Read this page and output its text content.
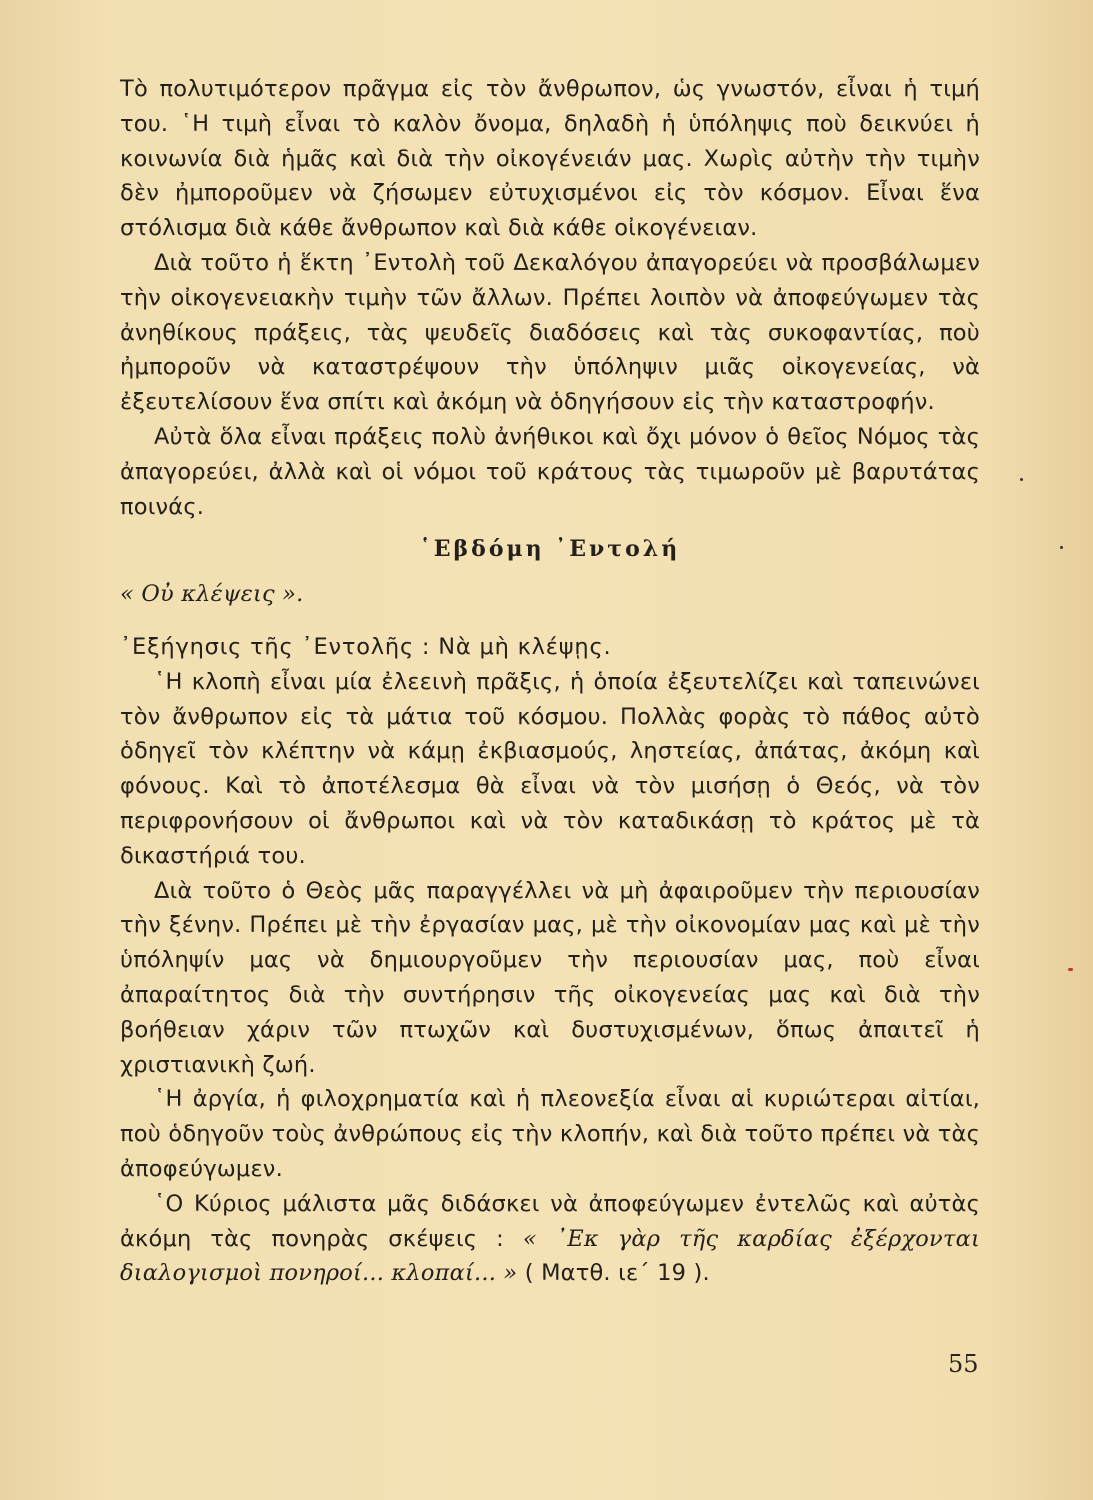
Τὸ πολυτιμότερον πρᾶγμα εἰς τὸν ἄνθρωπον, ὡς γνωστόν, εἶναι ἡ τιμή του. ῾Η τιμὴ εἶναι τὸ καλὸν ὄνομα, δηλαδὴ ἡ ὑπόληψις ποὺ δεικνύει ἡ κοινωνία διὰ ἡμᾶς καὶ διὰ τὴν οἰκογένειάν μας. Χωρὶς αὐτὴν τὴν τιμὴν δὲν ἠμποροῦμεν νὰ ζήσωμεν εὐτυχισμένοι εἰς τὸν κόσμον. Εἶναι ἕνα στόλισμα διὰ κάθε ἄνθρωπον καὶ διὰ κάθε οἰκογένειαν.

Διὰ τοῦτο ἡ ἕκτη ᾿Εντολὴ τοῦ Δεκαλόγου ἀπαγορεύει νὰ προσβάλωμεν τὴν οἰκογενειακὴν τιμὴν τῶν ἄλλων. Πρέπει λοιπὸν νὰ ἀποφεύγωμεν τὰς ἀνηθίκους πράξεις, τὰς ψευδεῖς διαδόσεις καὶ τὰς συκοφαντίας, ποὺ ἠμποροῦν νὰ καταστρέψουν τὴν ὑπόληψιν μιᾶς οἰκογενείας, νὰ ἐξευτελίσουν ἕνα σπίτι καὶ ἀκόμη νὰ ὁδηγήσουν εἰς τὴν καταστροφήν.

Αὐτὰ ὅλα εἶναι πράξεις πολὺ ἀνήθικοι καὶ ὄχι μόνον ὁ θεῖος Νόμος τὰς ἀπαγορεύει, ἀλλὰ καὶ οἱ νόμοι τοῦ κράτους τὰς τιμωροῦν μὲ βαρυτάτας ποινάς.

῾Εβδόμη ᾿Εντολή
« Οὐ κλέψεις ».

᾿Εξήγησις τῆς ᾿Εντολῆς : Νὰ μὴ κλέψῃς.

῾Η κλοπὴ εἶναι μία ἐλεεινὴ πρᾶξις, ἡ ὁποία ἐξευτελίζει καὶ ταπεινώνει τὸν ἄνθρωπον εἰς τὰ μάτια τοῦ κόσμου. Πολλὰς φορὰς τὸ πάθος αὐτὸ ὁδηγεῖ τὸν κλέπτην νὰ κάμῃ ἐκβιασμούς, ληστείας, ἀπάτας, ἀκόμη καὶ φόνους. Καὶ τὸ ἀποτέλεσμα θὰ εἶναι νὰ τὸν μισήσῃ ὁ Θεός, νὰ τὸν περιφρονήσουν οἱ ἄνθρωποι καὶ νὰ τὸν καταδικάσῃ τὸ κράτος μὲ τὰ δικαστήριά του.

Διὰ τοῦτο ὁ Θεὸς μᾶς παραγγέλλει νὰ μὴ ἀφαιροῦμεν τὴν περιουσίαν τὴν ξένην. Πρέπει μὲ τὴν ἐργασίαν μας, μὲ τὴν οἰκονομίαν μας καὶ μὲ τὴν ὑπόληψίν μας νὰ δημιουργοῦμεν τὴν περιουσίαν μας, ποὺ εἶναι ἀπαραίτητος διὰ τὴν συντήρησιν τῆς οἰκογενείας μας καὶ διὰ τὴν βοήθειαν χάριν τῶν πτωχῶν καὶ δυστυχισμένων, ὅπως ἀπαιτεῖ ἡ χριστιανικὴ ζωή.

῾Η ἀργία, ἡ φιλοχρηματία καὶ ἡ πλεονεξία εἶναι αἱ κυριώτεραι αἰτίαι, ποὺ ὁδηγοῦν τοὺς ἀνθρώπους εἰς τὴν κλοπήν, καὶ διὰ τοῦτο πρέπει νὰ τὰς ἀποφεύγωμεν.

῾Ο Κύριος μάλιστα μᾶς διδάσκει νὰ ἀποφεύγωμεν ἐντελῶς καὶ αὐτὰς ἀκόμη τὰς πονηρὰς σκέψεις : « ᾿Εκ γὰρ τῆς καρδίας ἐξέρχονται διαλογισμοὶ πονηροί... κλοπαί... » ( Ματθ. ιε΄ 19 ).

55
